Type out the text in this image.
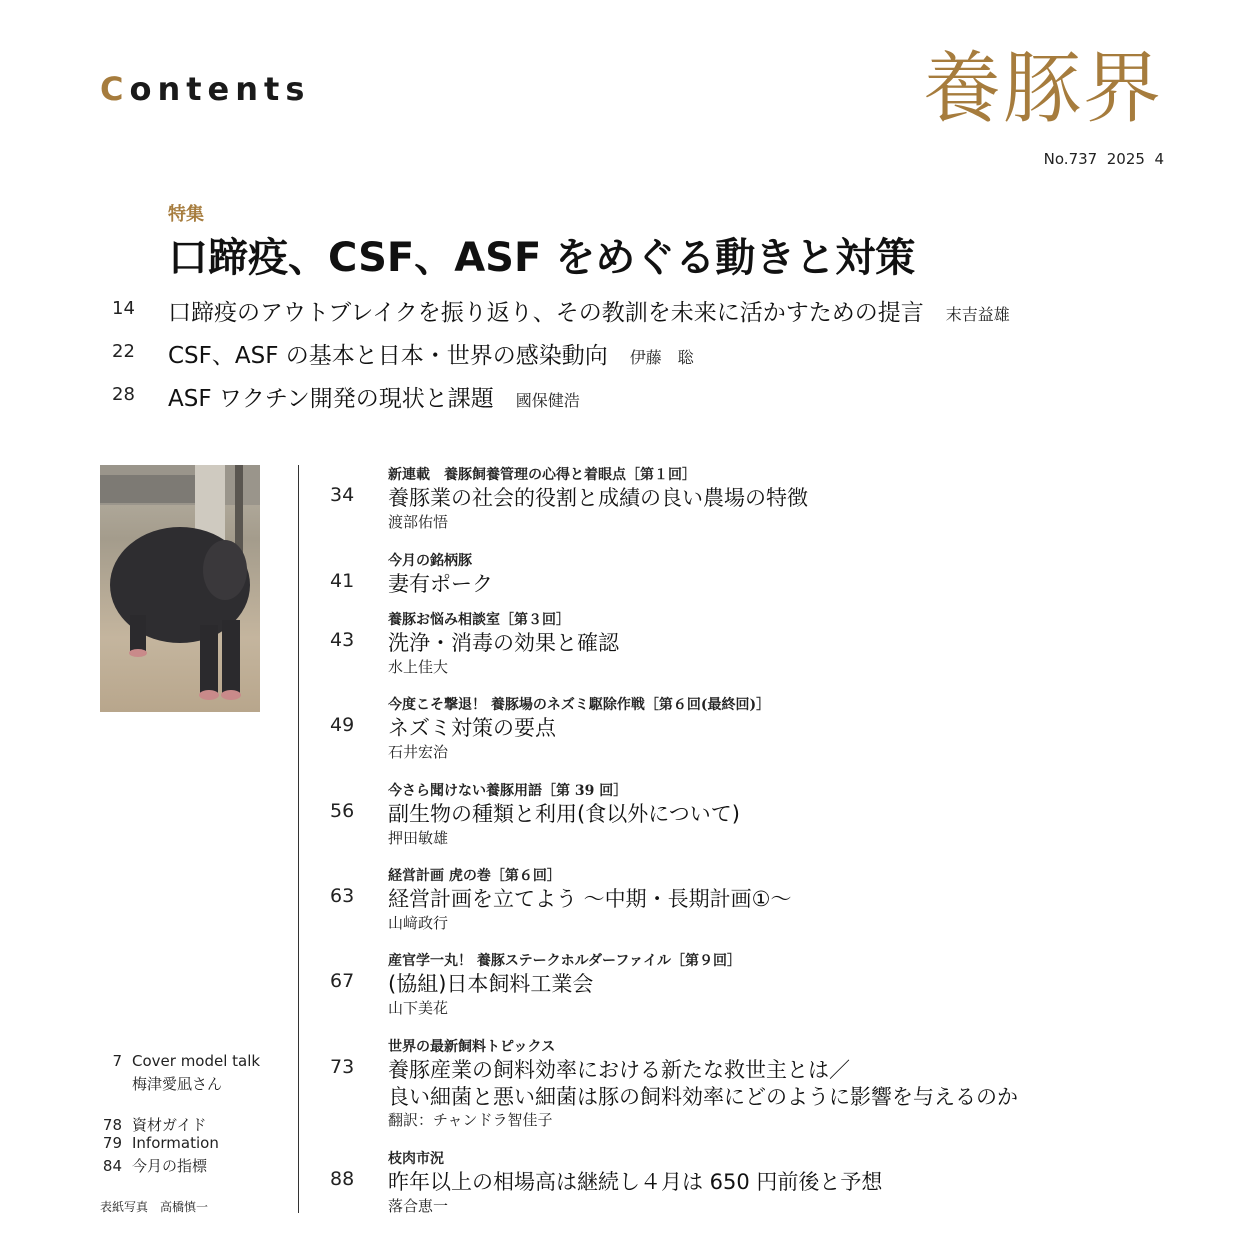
Contents	養豚界
No.737  2025  4
特集
口蹄疫、CSF、ASF をめぐる動きと対策
14 口蹄疫のアウトブレイクを振り返り、その教訓を未来に活かすための提言 末吉益雄
22 CSF、ASF の基本と日本・世界の感染動向 伊藤　聡
28 ASF ワクチン開発の現状と課題 國保健浩
7 Cover model talk
梅津愛凪さん
78 資材ガイド
79 Information
84 今月の指標
表紙写真　高橋慎一
新連載　養豚飼養管理の心得と着眼点［第１回］
34 養豚業の社会的役割と成績の良い農場の特徴
渡部佑悟
今月の銘柄豚
41 妻有ポーク
養豚お悩み相談室［第３回］
43 洗浄・消毒の効果と確認
水上佳大
今度こそ撃退！ 養豚場のネズミ駆除作戦［第６回(最終回)］
49 ネズミ対策の要点
石井宏治
今さら聞けない養豚用語［第 39 回］
56 副生物の種類と利用(食以外について)
押田敏雄
経営計画 虎の巻［第６回］
63 経営計画を立てよう 〜中期・長期計画①〜
山﨑政行
産官学一丸！ 養豚ステークホルダーファイル［第９回］
67 (協組)日本飼料工業会
山下美花
世界の最新飼料トピックス
73 養豚産業の飼料効率における新たな救世主とは／
良い細菌と悪い細菌は豚の飼料効率にどのように影響を与えるのか
翻訳：チャンドラ智佳子
枝肉市況
88 昨年以上の相場高は継続し４月は 650 円前後と予想
落合恵一
